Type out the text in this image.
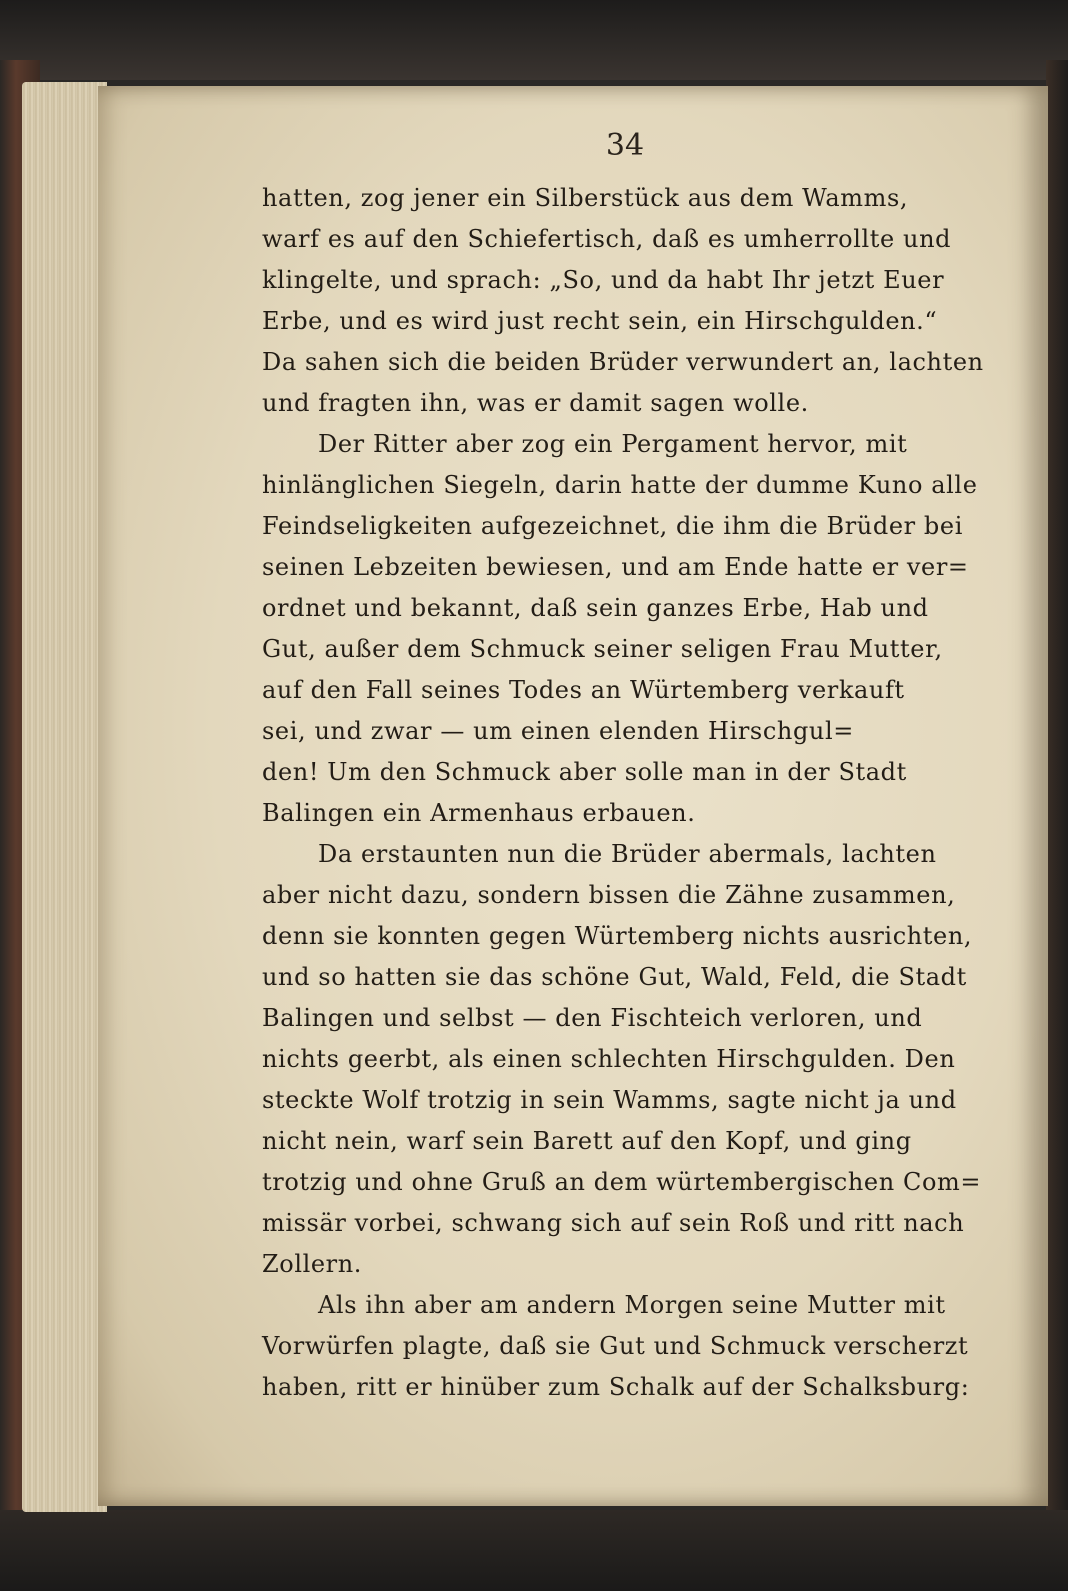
34
hatten, zog jener ein Silberstück aus dem Wamms,
warf es auf den Schiefertisch, daß es umherrollte und
klingelte, und sprach: „So, und da habt Ihr jetzt Euer
Erbe, und es wird just recht sein, ein Hirschgulden.“
Da sahen sich die beiden Brüder verwundert an, lachten
und fragten ihn, was er damit sagen wolle.
Der Ritter aber zog ein Pergament hervor, mit
hinlänglichen Siegeln, darin hatte der dumme Kuno alle
Feindseligkeiten aufgezeichnet, die ihm die Brüder bei
seinen Lebzeiten bewiesen, und am Ende hatte er ver=
ordnet und bekannt, daß sein ganzes Erbe, Hab und
Gut, außer dem Schmuck seiner seligen Frau Mutter,
auf den Fall seines Todes an Würtemberg verkauft
sei, und zwar — um einen elenden Hirschgul=
den! Um den Schmuck aber solle man in der Stadt
Balingen ein Armenhaus erbauen.
Da erstaunten nun die Brüder abermals, lachten
aber nicht dazu, sondern bissen die Zähne zusammen,
denn sie konnten gegen Würtemberg nichts ausrichten,
und so hatten sie das schöne Gut, Wald, Feld, die Stadt
Balingen und selbst — den Fischteich verloren, und
nichts geerbt, als einen schlechten Hirschgulden. Den
steckte Wolf trotzig in sein Wamms, sagte nicht ja und
nicht nein, warf sein Barett auf den Kopf, und ging
trotzig und ohne Gruß an dem würtembergischen Com=
missär vorbei, schwang sich auf sein Roß und ritt nach
Zollern.
Als ihn aber am andern Morgen seine Mutter mit
Vorwürfen plagte, daß sie Gut und Schmuck verscherzt
haben, ritt er hinüber zum Schalk auf der Schalksburg:
